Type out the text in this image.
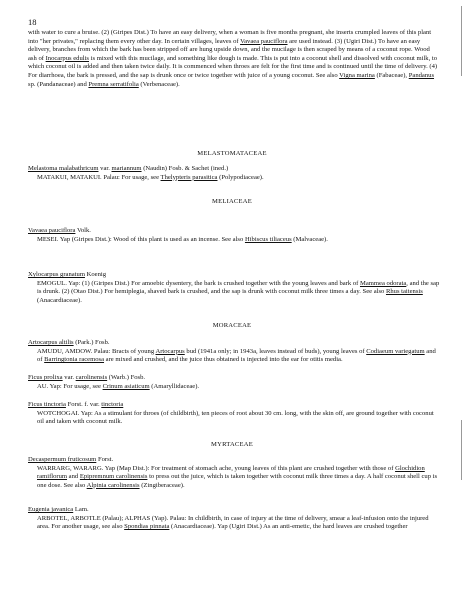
18
with water to cure a bruise. (2) (Giripes Dist.) To have an easy delivery, when a woman is five months pregnant, she inserts crumpled leaves of this plant into "her privates," replacing them every other day. In certain villages, leaves of Vavaea pauciflora are used instead. (3) (Ugiri Dist.) To have an easy delivery, branches from which the bark has been stripped off are hung upside down, and the mucilage is then scraped by means of a coconut rope. Wood ash of Inocarpus edulis is mixed with this mucilage, and something like dough is made. This is put into a coconut shell and dissolved with coconut milk, to which coconut oil is added and then taken twice daily. It is commenced when throes are felt for the first time and is continued until the time of delivery. (4) For diarrhoea, the bark is pressed, and the sap is drunk once or twice together with juice of a young coconut. See also Vigna marina (Fabaceae), Pandanus sp. (Pandanaceae) and Premna serratifolia (Verbenaceae).
MELASTOMATACEAE
Melastoma malabathricum var. mariannum (Naudin) Fosb. & Sachet (ined.)
MATAKUI, MATAKUI. Palau: For usage, see Thelypteris parasitica (Polypodiaceae).
MELIACEAE
Vavaea pauciflora Volk.
MESEI. Yap (Giripes Dist.): Wood of this plant is used as an incense. See also Hibiscus tiliaceus (Malvaceae).
Xylocarpus granatum Koenig
EMOGUL. Yap: (1) (Giripes Dist.) For amoebic dysentery, the bark is crushed together with the young leaves and bark of Mammea odorata, and the sap is drunk. (2) (Otao Dist.) For hemiplegia, shaved bark is crushed, and the sap is drunk with coconut milk three times a day. See also Rhus taitensis (Anacardiaceae).
MORACEAE
Artocarpus altilis (Park.) Fosb.
AMUDU, AMDOW. Palau: Bracts of young Artocarpus bud (1941a only; in 1943a, leaves instead of buds), young leaves of Codiaeum variegatum and of Barringtonia racemosa are mixed and crushed, and the juice thus obtained is injected into the ear for otitis media.
Ficus prolixa var. carolinensis (Warb.) Fosb.
AU. Yap: For usage, see Crinum asiaticum (Amaryllidaceae).
Ficus tinctoria Forst. f. var. tinctoria
WOTCHOGAI. Yap: As a stimulant for throes (of childbirth), ten pieces of root about 30 cm. long, with the skin off, are ground together with coconut oil and taken with coconut milk.
MYRTACEAE
Decaspermum fruticosum Forst.
WARRARG, WARARG. Yap (Map Dist.): For treatment of stomach ache, young leaves of this plant are crushed together with those of Glochidion ramiflorum and Epipremnum carolinensis to press out the juice, which is taken together with coconut milk three times a day. A half coconut shell cup is one dose. See also Alpinia carolinensis (Zingiberaceae).
Eugenia javanica Lam.
ARBOTEL, ARBOTLE (Palau); ALPHAS (Yap). Palau: In childbirth, in case of injury at the time of delivery, smear a leaf-infusion onto the injured area. For another usage, see also Spondias pinnata (Anacardiaceae). Yap (Ugiri Dist.) As an anti-emetic, the hard leaves are crushed together
